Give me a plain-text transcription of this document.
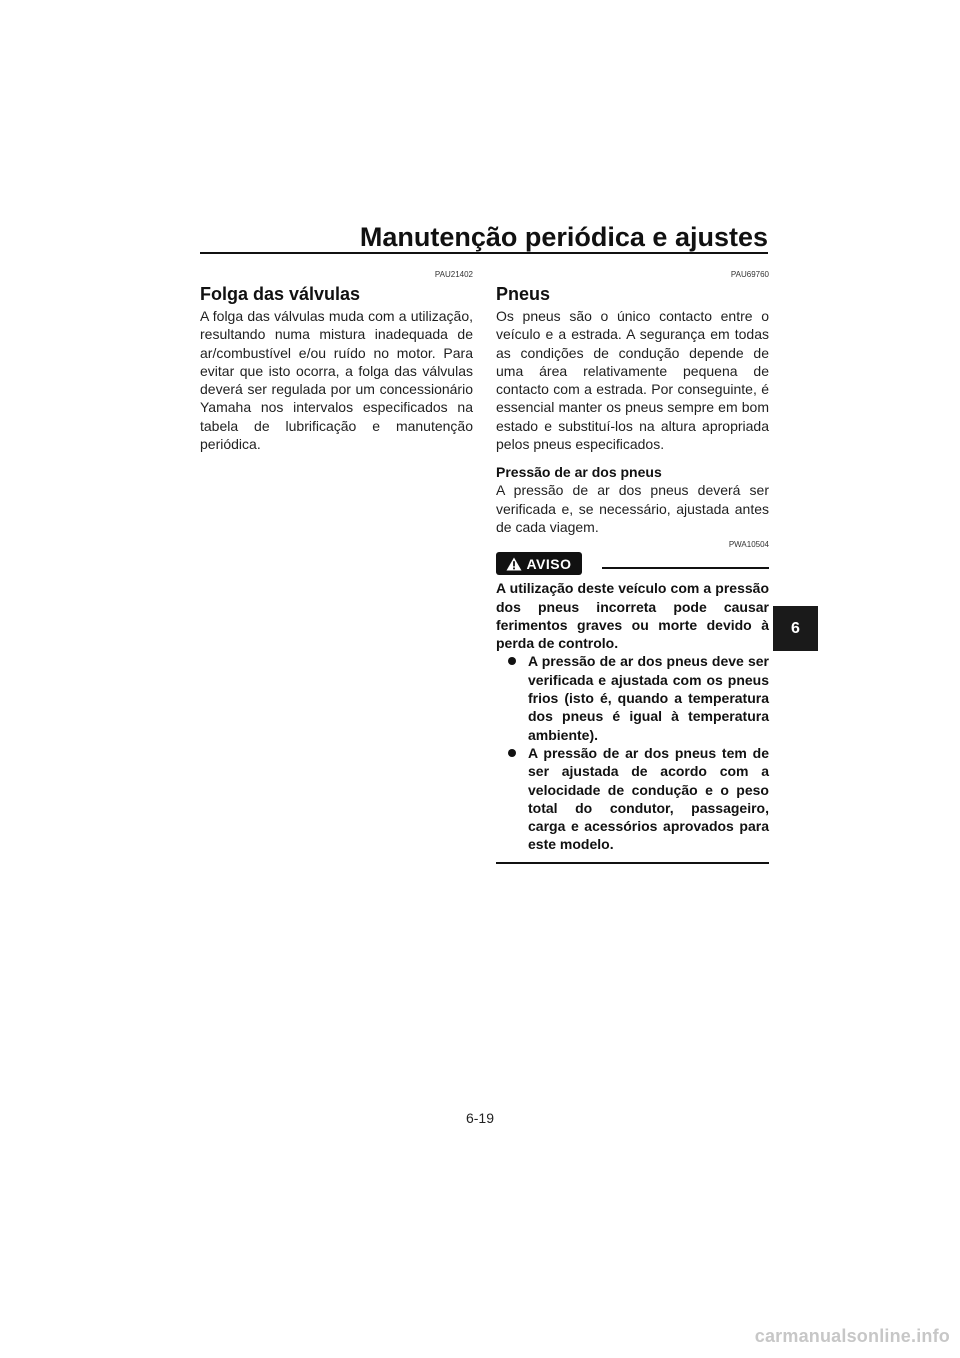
Manutenção periódica e ajustes
PAU21402
Folga das válvulas

A folga das válvulas muda com a utilização, resultando numa mistura inadequada de ar/combustível e/ou ruído no motor. Para evitar que isto ocorra, a folga das válvulas deverá ser regulada por um concessionário Yamaha nos intervalos especificados na tabela de lubrificação e manutenção periódica.

PAU69760
Pneus

Os pneus são o único contacto entre o veículo e a estrada. A segurança em todas as condições de condução depende de uma área relativamente pequena de contacto com a estrada. Por conseguinte, é essencial manter os pneus sempre em bom estado e substituí-los na altura apropriada pelos pneus especificados.

Pressão de ar dos pneus

A pressão de ar dos pneus deverá ser verificada e, se necessário, ajustada antes de cada viagem.

PWA10504
AVISO

A utilização deste veículo com a pressão dos pneus incorreta pode causar ferimentos graves ou morte devido à perda de controlo.

A pressão de ar dos pneus deve ser verificada e ajustada com os pneus frios (isto é, quando a temperatura dos pneus é igual à temperatura ambiente).
A pressão de ar dos pneus tem de ser ajustada de acordo com a velocidade de condução e o peso total do condutor, passageiro, carga e acessórios aprovados para este modelo.
6
6-19
carmanualsonline.info
